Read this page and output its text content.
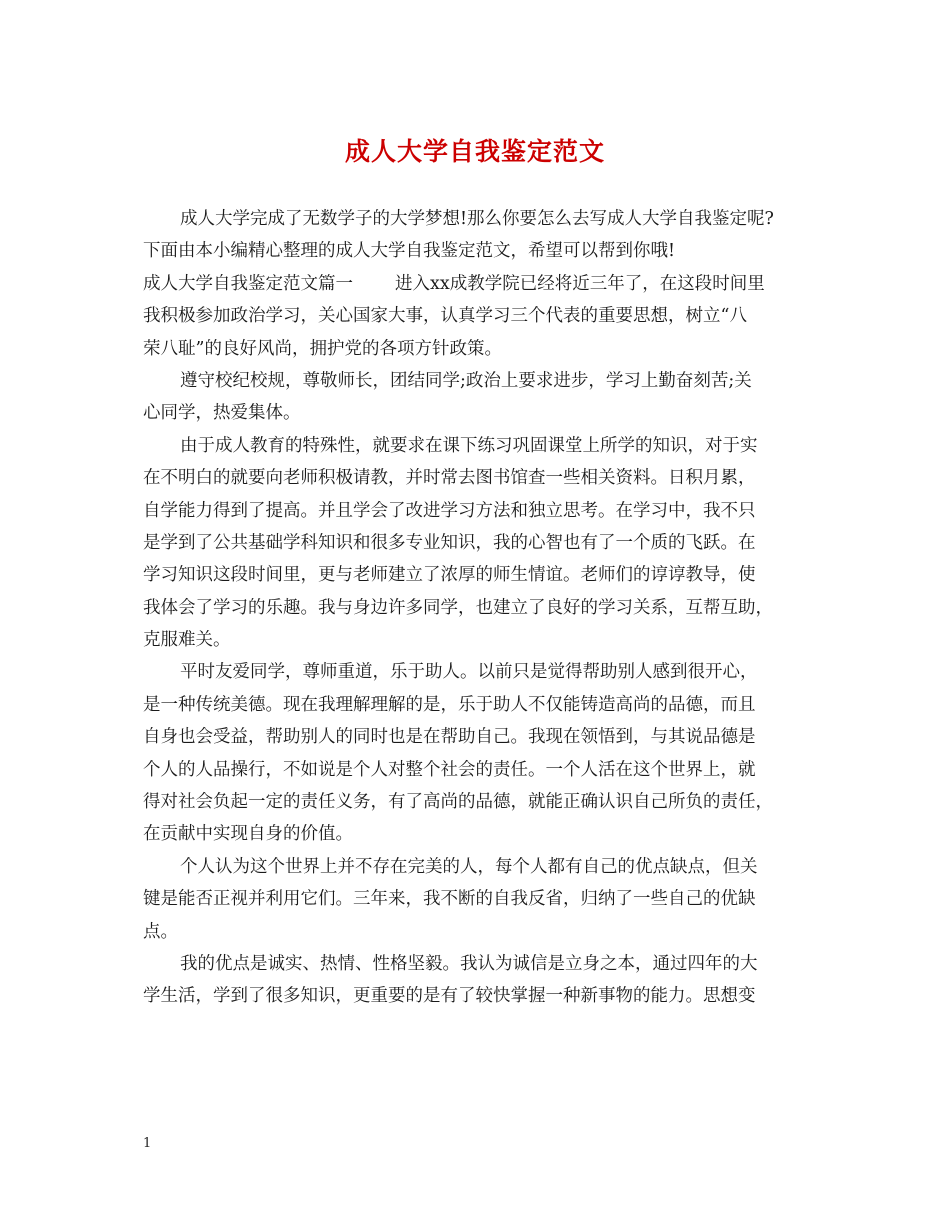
成人大学自我鉴定范文
成人大学完成了无数学子的大学梦想!那么你要怎么去写成人大学自我鉴定呢?
下面由本小编精心整理的成人大学自我鉴定范文，希望可以帮到你哦!
成人大学自我鉴定范文篇一 进入xx成教学院已经将近三年了，在这段时间里
我积极参加政治学习，关心国家大事，认真学习三个代表的重要思想，树立“八
荣八耻”的良好风尚，拥护党的各项方针政策。
遵守校纪校规，尊敬师长，团结同学;政治上要求进步，学习上勤奋刻苦;关
心同学，热爱集体。
由于成人教育的特殊性，就要求在课下练习巩固课堂上所学的知识，对于实
在不明白的就要向老师积极请教，并时常去图书馆查一些相关资料。日积月累，
自学能力得到了提高。并且学会了改进学习方法和独立思考。在学习中，我不只
是学到了公共基础学科知识和很多专业知识，我的心智也有了一个质的飞跃。在
学习知识这段时间里，更与老师建立了浓厚的师生情谊。老师们的谆谆教导，使
我体会了学习的乐趣。我与身边许多同学，也建立了良好的学习关系，互帮互助，
克服难关。
平时友爱同学，尊师重道，乐于助人。以前只是觉得帮助别人感到很开心，
是一种传统美德。现在我理解理解的是，乐于助人不仅能铸造高尚的品德，而且
自身也会受益，帮助别人的同时也是在帮助自己。我现在领悟到，与其说品德是
个人的人品操行，不如说是个人对整个社会的责任。一个人活在这个世界上，就
得对社会负起一定的责任义务，有了高尚的品德，就能正确认识自己所负的责任，
在贡献中实现自身的价值。
个人认为这个世界上并不存在完美的人，每个人都有自己的优点缺点，但关
键是能否正视并利用它们。三年来，我不断的自我反省，归纳了一些自己的优缺
点。
我的优点是诚实、热情、性格坚毅。我认为诚信是立身之本，通过四年的大
学生活，学到了很多知识，更重要的是有了较快掌握一种新事物的能力。思想变
1
